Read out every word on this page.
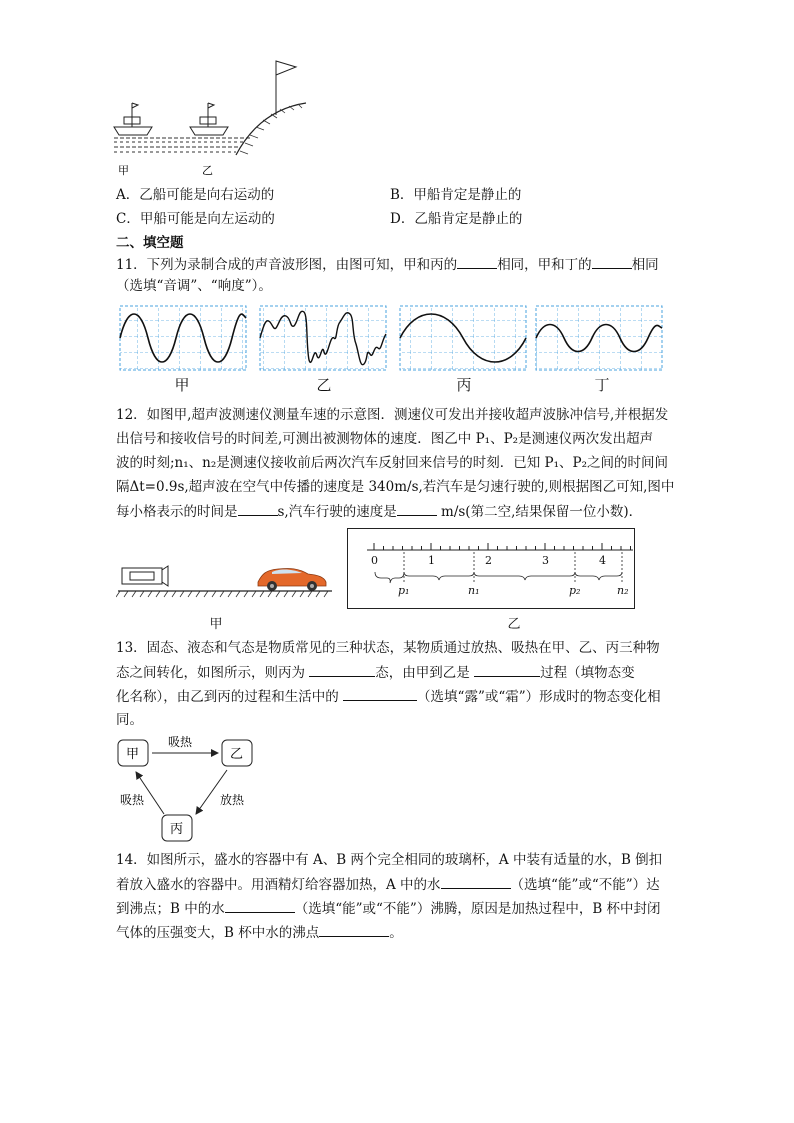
甲	乙
A．乙船可能是向右运动的	B．甲船肯定是静止的
C．甲船可能是向左运动的	D．乙船肯定是静止的
二、填空题
11．下列为录制合成的声音波形图，由图可知，甲和丙的	相同，甲和丁的	相同
（选填“音调”、“响度”）。
甲	乙	丙	丁
12．如图甲,超声波测速仪测量车速的示意图．测速仪可发出并接收超声波脉冲信号,并根据发
出信号和接收信号的时间差,可测出被测物体的速度．图乙中 P₁、P₂是测速仪两次发出超声
波的时刻;n₁、n₂是测速仪接收前后两次汽车反射回来信号的时刻．已知 P₁、P₂之间的时间间
隔Δt=0.9s,超声波在空气中传播的速度是 340m/s,若汽车是匀速行驶的,则根据图乙可知,图中
每小格表示的时间是	s,汽车行驶的速度是	m/s(第二空,结果保留一位小数)．
甲
0	1	2	3	4
p₁	n₁	p₂	n₂
乙
13．固态、液态和气态是物质常见的三种状态，某物质通过放热、吸热在甲、乙、丙三种物
态之间转化，如图所示，则丙为	态，由甲到乙是	过程（填物态变
化名称），由乙到丙的过程和生活中的	（选填“露”或“霜”）形成时的物态变化相
同。
甲	乙
丙
吸热
吸热	放热
14．如图所示，盛水的容器中有 A、B 两个完全相同的玻璃杯，A 中装有适量的水，B 倒扣
着放入盛水的容器中。用酒精灯给容器加热，A 中的水	（选填“能”或“不能”）达
到沸点；B 中的水	（选填“能”或“不能”）沸腾，原因是加热过程中，B 杯中封闭
气体的压强变大，B 杯中水的沸点	。
